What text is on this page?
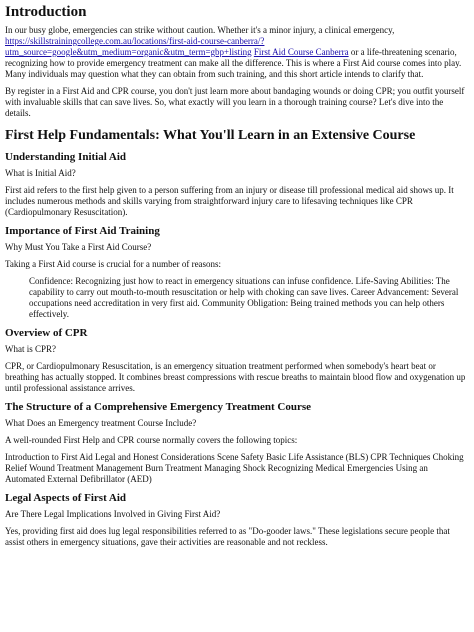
Introduction

In our busy globe, emergencies can strike without caution. Whether it's a minor injury, a clinical emergency, https://skillstrainingcollege.com.au/locations/first-aid-course-canberra/?utm_source=google&utm_medium=organic&utm_term=gbp+listing First Aid Course Canberra or a life-threatening scenario, recognizing how to provide emergency treatment can make all the difference. This is where a First Aid course comes into play. Many individuals may question what they can obtain from such training, and this short article intends to clarify that.

By register in a First Aid and CPR course, you don't just learn more about bandaging wounds or doing CPR; you outfit yourself with invaluable skills that can save lives. So, what exactly will you learn in a thorough training course? Let's dive into the details.

First Help Fundamentals: What You'll Learn in an Extensive Course
Understanding Initial Aid

What is Initial Aid?

First aid refers to the first help given to a person suffering from an injury or disease till professional medical aid shows up. It includes numerous methods and skills varying from straightforward injury care to lifesaving techniques like CPR (Cardiopulmonary Resuscitation).

Importance of First Aid Training

Why Must You Take a First Aid Course?

Taking a First Aid course is crucial for a number of reasons:

Confidence: Recognizing just how to react in emergency situations can infuse confidence. Life-Saving Abilities: The capability to carry out mouth-to-mouth resuscitation or help with choking can save lives. Career Advancement: Several occupations need accreditation in very first aid. Community Obligation: Being trained methods you can help others effectively.
Overview of CPR

What is CPR?

CPR, or Cardiopulmonary Resuscitation, is an emergency situation treatment performed when somebody's heart beat or breathing has actually stopped. It combines breast compressions with rescue breaths to maintain blood flow and oxygenation up until professional assistance arrives.

The Structure of a Comprehensive Emergency Treatment Course

What Does an Emergency treatment Course Include?

A well-rounded First Help and CPR course normally covers the following topics:

Introduction to First Aid Legal and Honest Considerations Scene Safety Basic Life Assistance (BLS) CPR Techniques Choking Relief Wound Treatment Management Burn Treatment Managing Shock Recognizing Medical Emergencies Using an Automated External Defibrillator (AED)

Legal Aspects of First Aid

Are There Legal Implications Involved in Giving First Aid?

Yes, providing first aid does lug legal responsibilities referred to as "Do-gooder laws." These legislations secure people that assist others in emergency situations, gave their activities are reasonable and not reckless.
